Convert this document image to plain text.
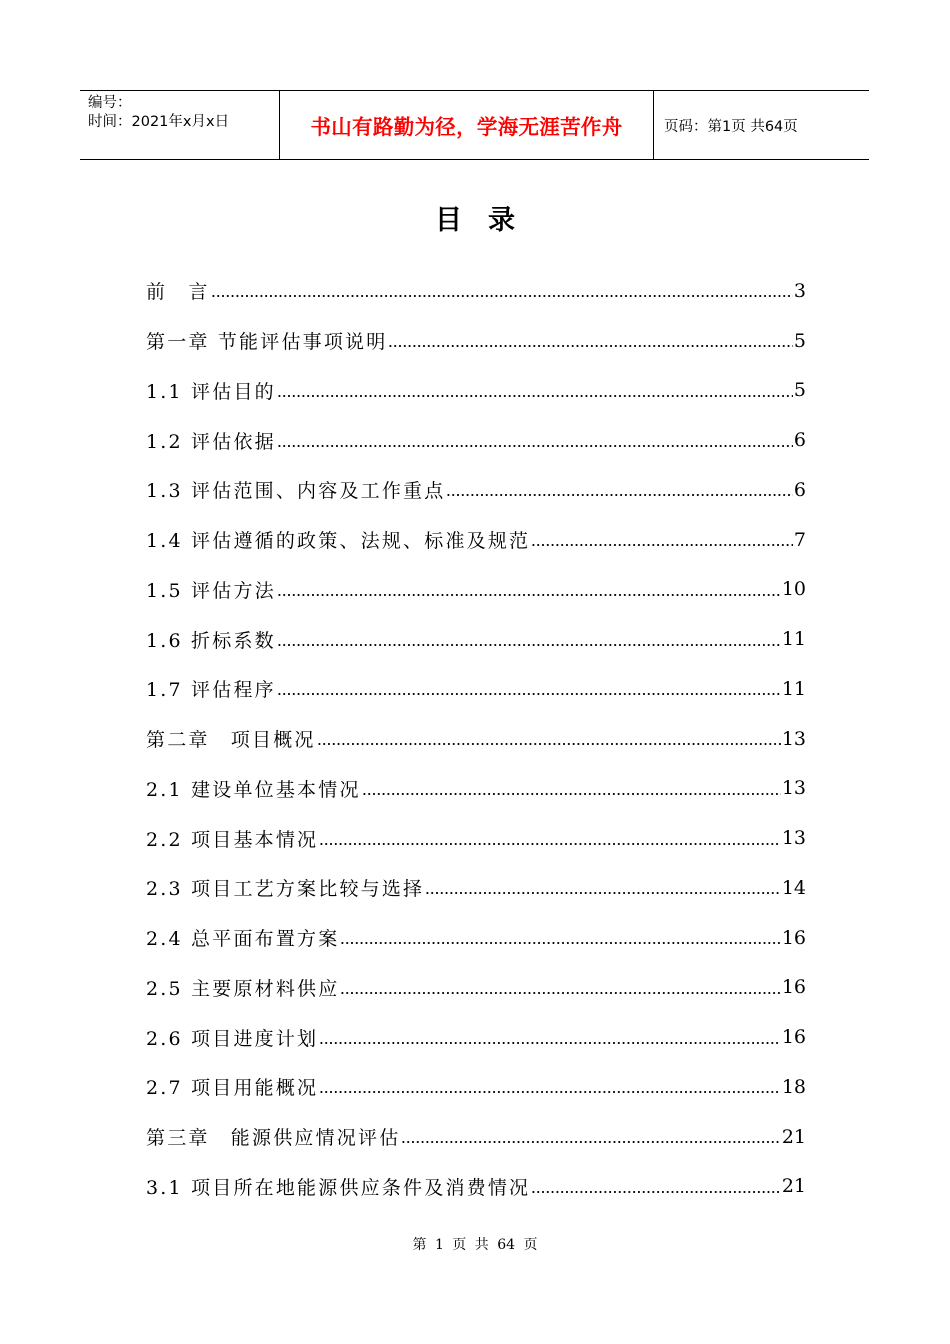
编号：
时间：2021年x月x日	书山有路勤为径，学海无涯苦作舟	页码：第1页 共64页
目录
前　言	3
第一章 节能评估事项说明	5
1.1 评估目的	5
1.2 评估依据	6
1.3 评估范围、内容及工作重点	6
1.4 评估遵循的政策、法规、标准及规范	7
1.5 评估方法	10
1.6 折标系数	11
1.7 评估程序	11
第二章　项目概况	13
2.1 建设单位基本情况	13
2.2 项目基本情况	13
2.3 项目工艺方案比较与选择	14
2.4 总平面布置方案	16
2.5 主要原材料供应	16
2.6 项目进度计划	16
2.7 项目用能概况	18
第三章　能源供应情况评估	21
3.1 项目所在地能源供应条件及消费情况	21
第 1 页 共 64 页
